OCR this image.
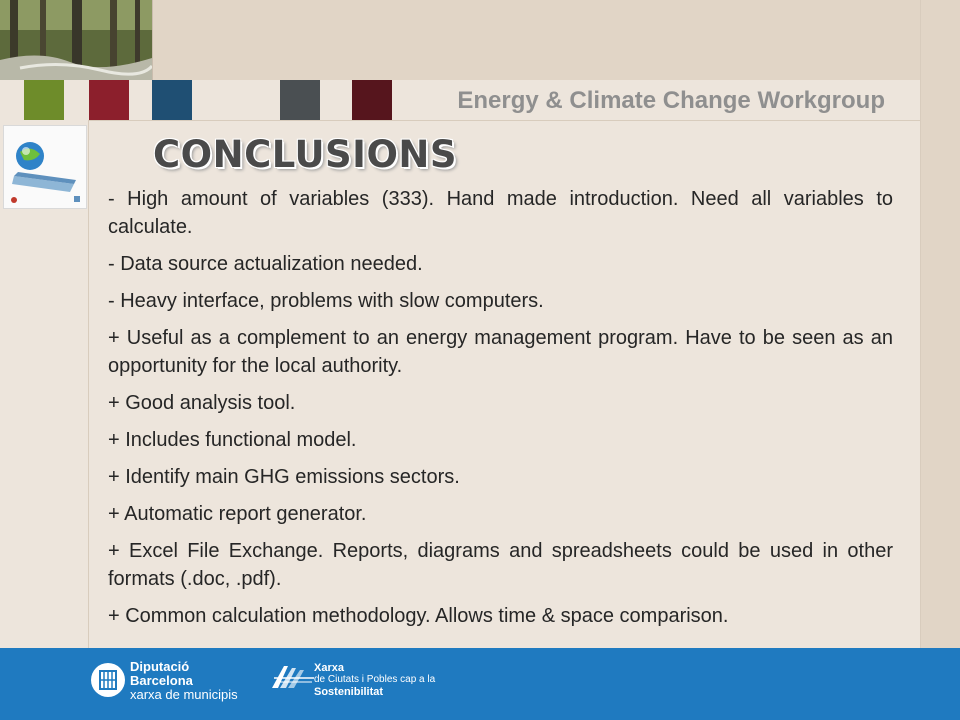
Energy & Climate Change Workgroup
CONCLUSIONS
- High amount of variables (333). Hand made introduction. Need all variables to calculate.
- Data source actualization needed.
- Heavy interface, problems with slow computers.
+ Useful as a complement to an energy management program. Have to be seen as an opportunity for the local authority.
+ Good analysis tool.
+ Includes functional model.
+ Identify main GHG emissions sectors.
+ Automatic report generator.
+ Excel File Exchange. Reports, diagrams and spreadsheets could be used in other formats (.doc, .pdf).
+ Common calculation methodology. Allows time & space comparison.
Diputació
Barcelona
xarxa de municipis
Xarxa
de Ciutats i Pobles cap a la
Sostenibilitat
